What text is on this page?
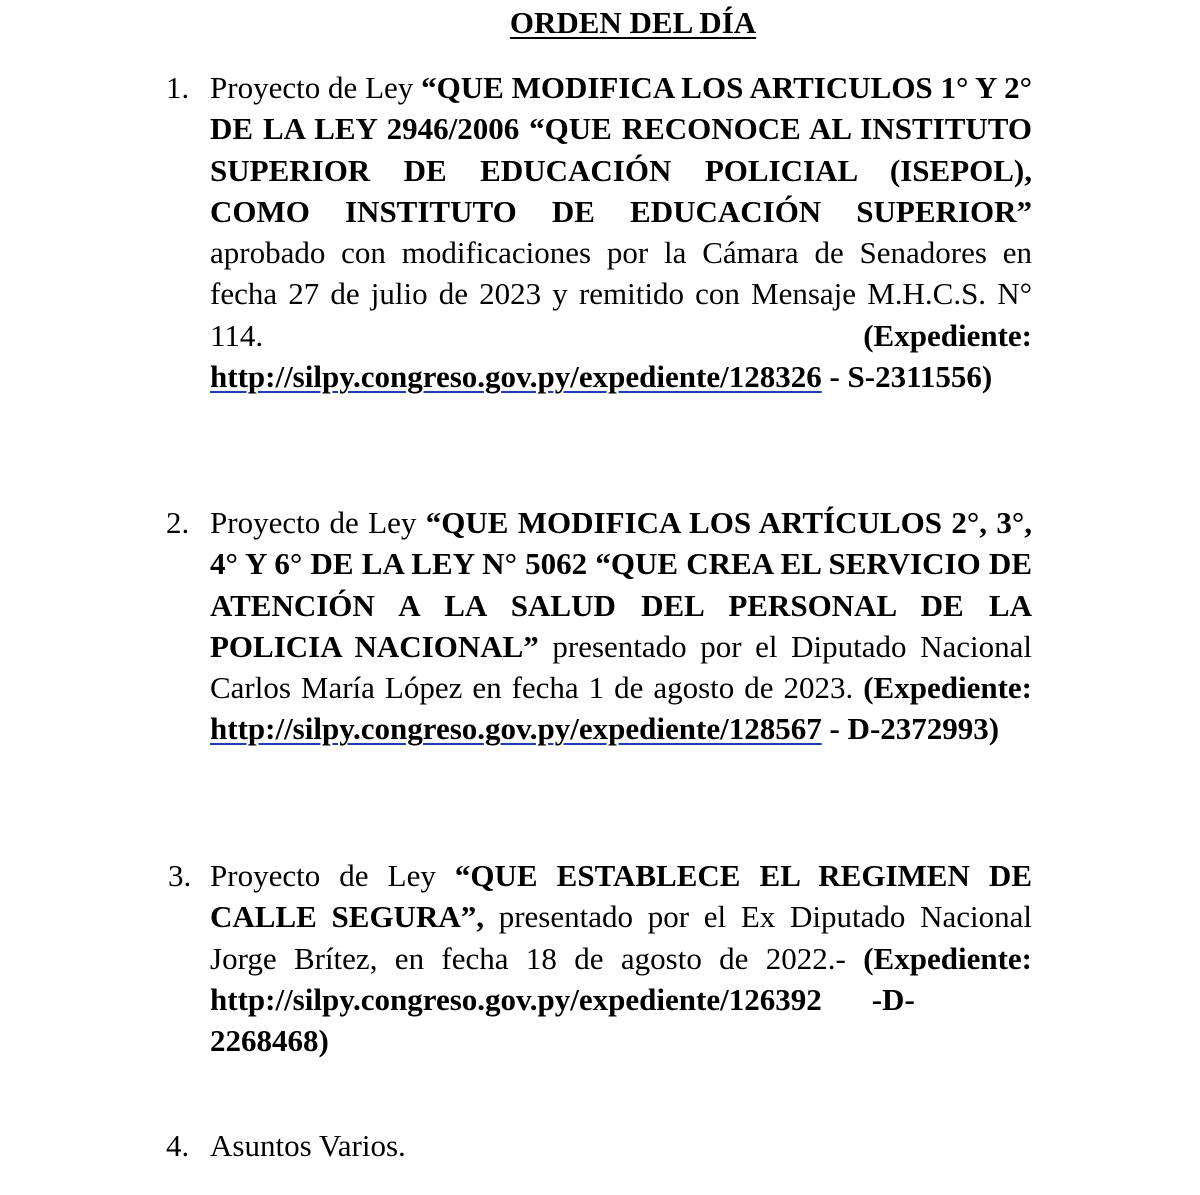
ORDEN DEL DÍA
1. Proyecto de Ley “QUE MODIFICA LOS ARTICULOS 1° Y 2° DE LA LEY 2946/2006 “QUE RECONOCE AL INSTITUTO SUPERIOR DE EDUCACIÓN POLICIAL (ISEPOL), COMO INSTITUTO DE EDUCACIÓN SUPERIOR” aprobado con modificaciones por la Cámara de Senadores en fecha 27 de julio de 2023 y remitido con Mensaje M.H.C.S. N° 114. (Expediente: http://silpy.congreso.gov.py/expediente/128326 - S-2311556)
2. Proyecto de Ley “QUE MODIFICA LOS ARTÍCULOS 2°, 3°, 4° Y 6° DE LA LEY N° 5062 “QUE CREA EL SERVICIO DE ATENCIÓN A LA SALUD DEL PERSONAL DE LA POLICIA NACIONAL” presentado por el Diputado Nacional Carlos María López en fecha 1 de agosto de 2023. (Expediente: http://silpy.congreso.gov.py/expediente/128567 - D-2372993)
3. Proyecto de Ley “QUE ESTABLECE EL REGIMEN DE CALLE SEGURA”, presentado por el Ex Diputado Nacional Jorge Brítez, en fecha 18 de agosto de 2022.- (Expediente: http://silpy.congreso.gov.py/expediente/126392 -D-2268468)
4. Asuntos Varios.
